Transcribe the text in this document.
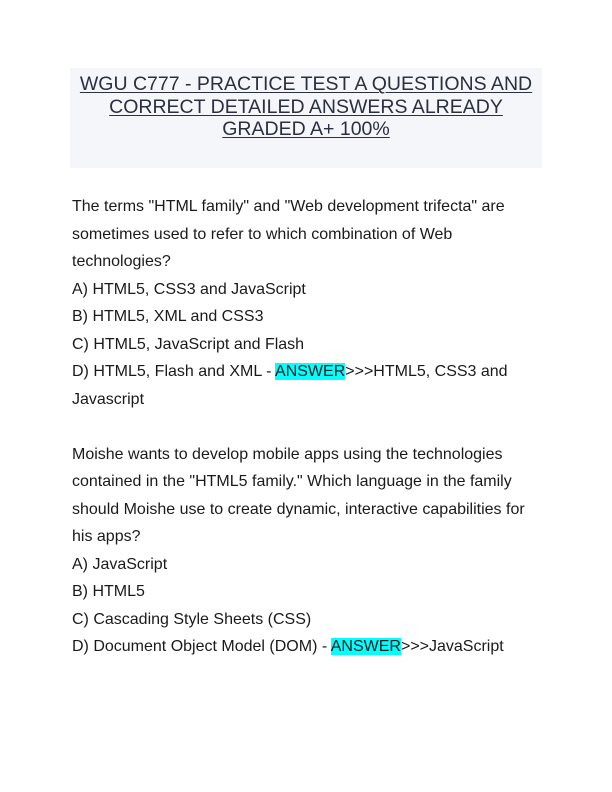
WGU C777 - PRACTICE TEST A QUESTIONS AND
CORRECT DETAILED ANSWERS ALREADY
GRADED A+ 100%
The terms "HTML family" and "Web development trifecta" are
sometimes used to refer to which combination of Web
technologies?
A) HTML5, CSS3 and JavaScript
B) HTML5, XML and CSS3
C) HTML5, JavaScript and Flash
D) HTML5, Flash and XML - ANSWER>>>HTML5, CSS3 and
Javascript
Moishe wants to develop mobile apps using the technologies
contained in the "HTML5 family." Which language in the family
should Moishe use to create dynamic, interactive capabilities for
his apps?
A) JavaScript
B) HTML5
C) Cascading Style Sheets (CSS)
D) Document Object Model (DOM) - ANSWER>>>JavaScript
